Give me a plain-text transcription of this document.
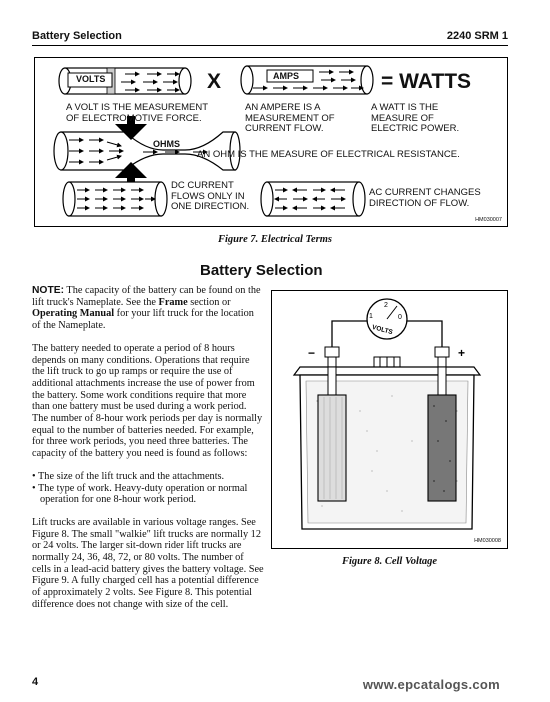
Battery Selection	2240 SRM 1
VOLTS	AMPS
OHMS
X	= WATTS
A VOLT IS THE MEASUREMENT
OF ELECTROMOTIVE FORCE.
AN AMPERE IS A
MEASUREMENT OF
CURRENT FLOW.
A WATT IS THE
MEASURE OF
ELECTRIC POWER.
AN OHM IS THE MEASURE OF ELECTRICAL RESISTANCE.
DC CURRENT
FLOWS ONLY IN
ONE DIRECTION.
AC CURRENT CHANGES
DIRECTION OF FLOW.
HM030007
Figure 7. Electrical Terms
Battery Selection

NOTE: The capacity of the battery can be found on the lift truck's Nameplate. See the Frame section or Operating Manual for your lift truck for the location of the Nameplate.

The battery needed to operate a period of 8 hours depends on many conditions. Operations that require the lift truck to go up ramps or require the use of additional attachments increase the use of power from the battery. Some work conditions require that more than one battery must be used during a work period. The number of 8-hour work periods per day is normally equal to the number of batteries needed. For example, for three work periods, you need three batteries. The capacity of the battery you need is found as follows:

• The size of the lift truck and the attachments.
• The type of work. Heavy-duty operation or normal operation for one 8-hour work period.

Lift trucks are available in various voltage ranges. See Figure 8. The small "walkie" lift trucks are normally 12 or 24 volts. The larger sit-down rider lift trucks are normally 24, 36, 48, 72, or 80 volts. The number of cells in a lead-acid battery gives the battery voltage. See Figure 9. A fully charged cell has a potential difference of approximately 2 volts. See Figure 8. This potential difference does not change with size of the cell.

1
2
0
VOLTS
−	+
HM030008
Figure 8. Cell Voltage
4	www.epcatalogs.com
